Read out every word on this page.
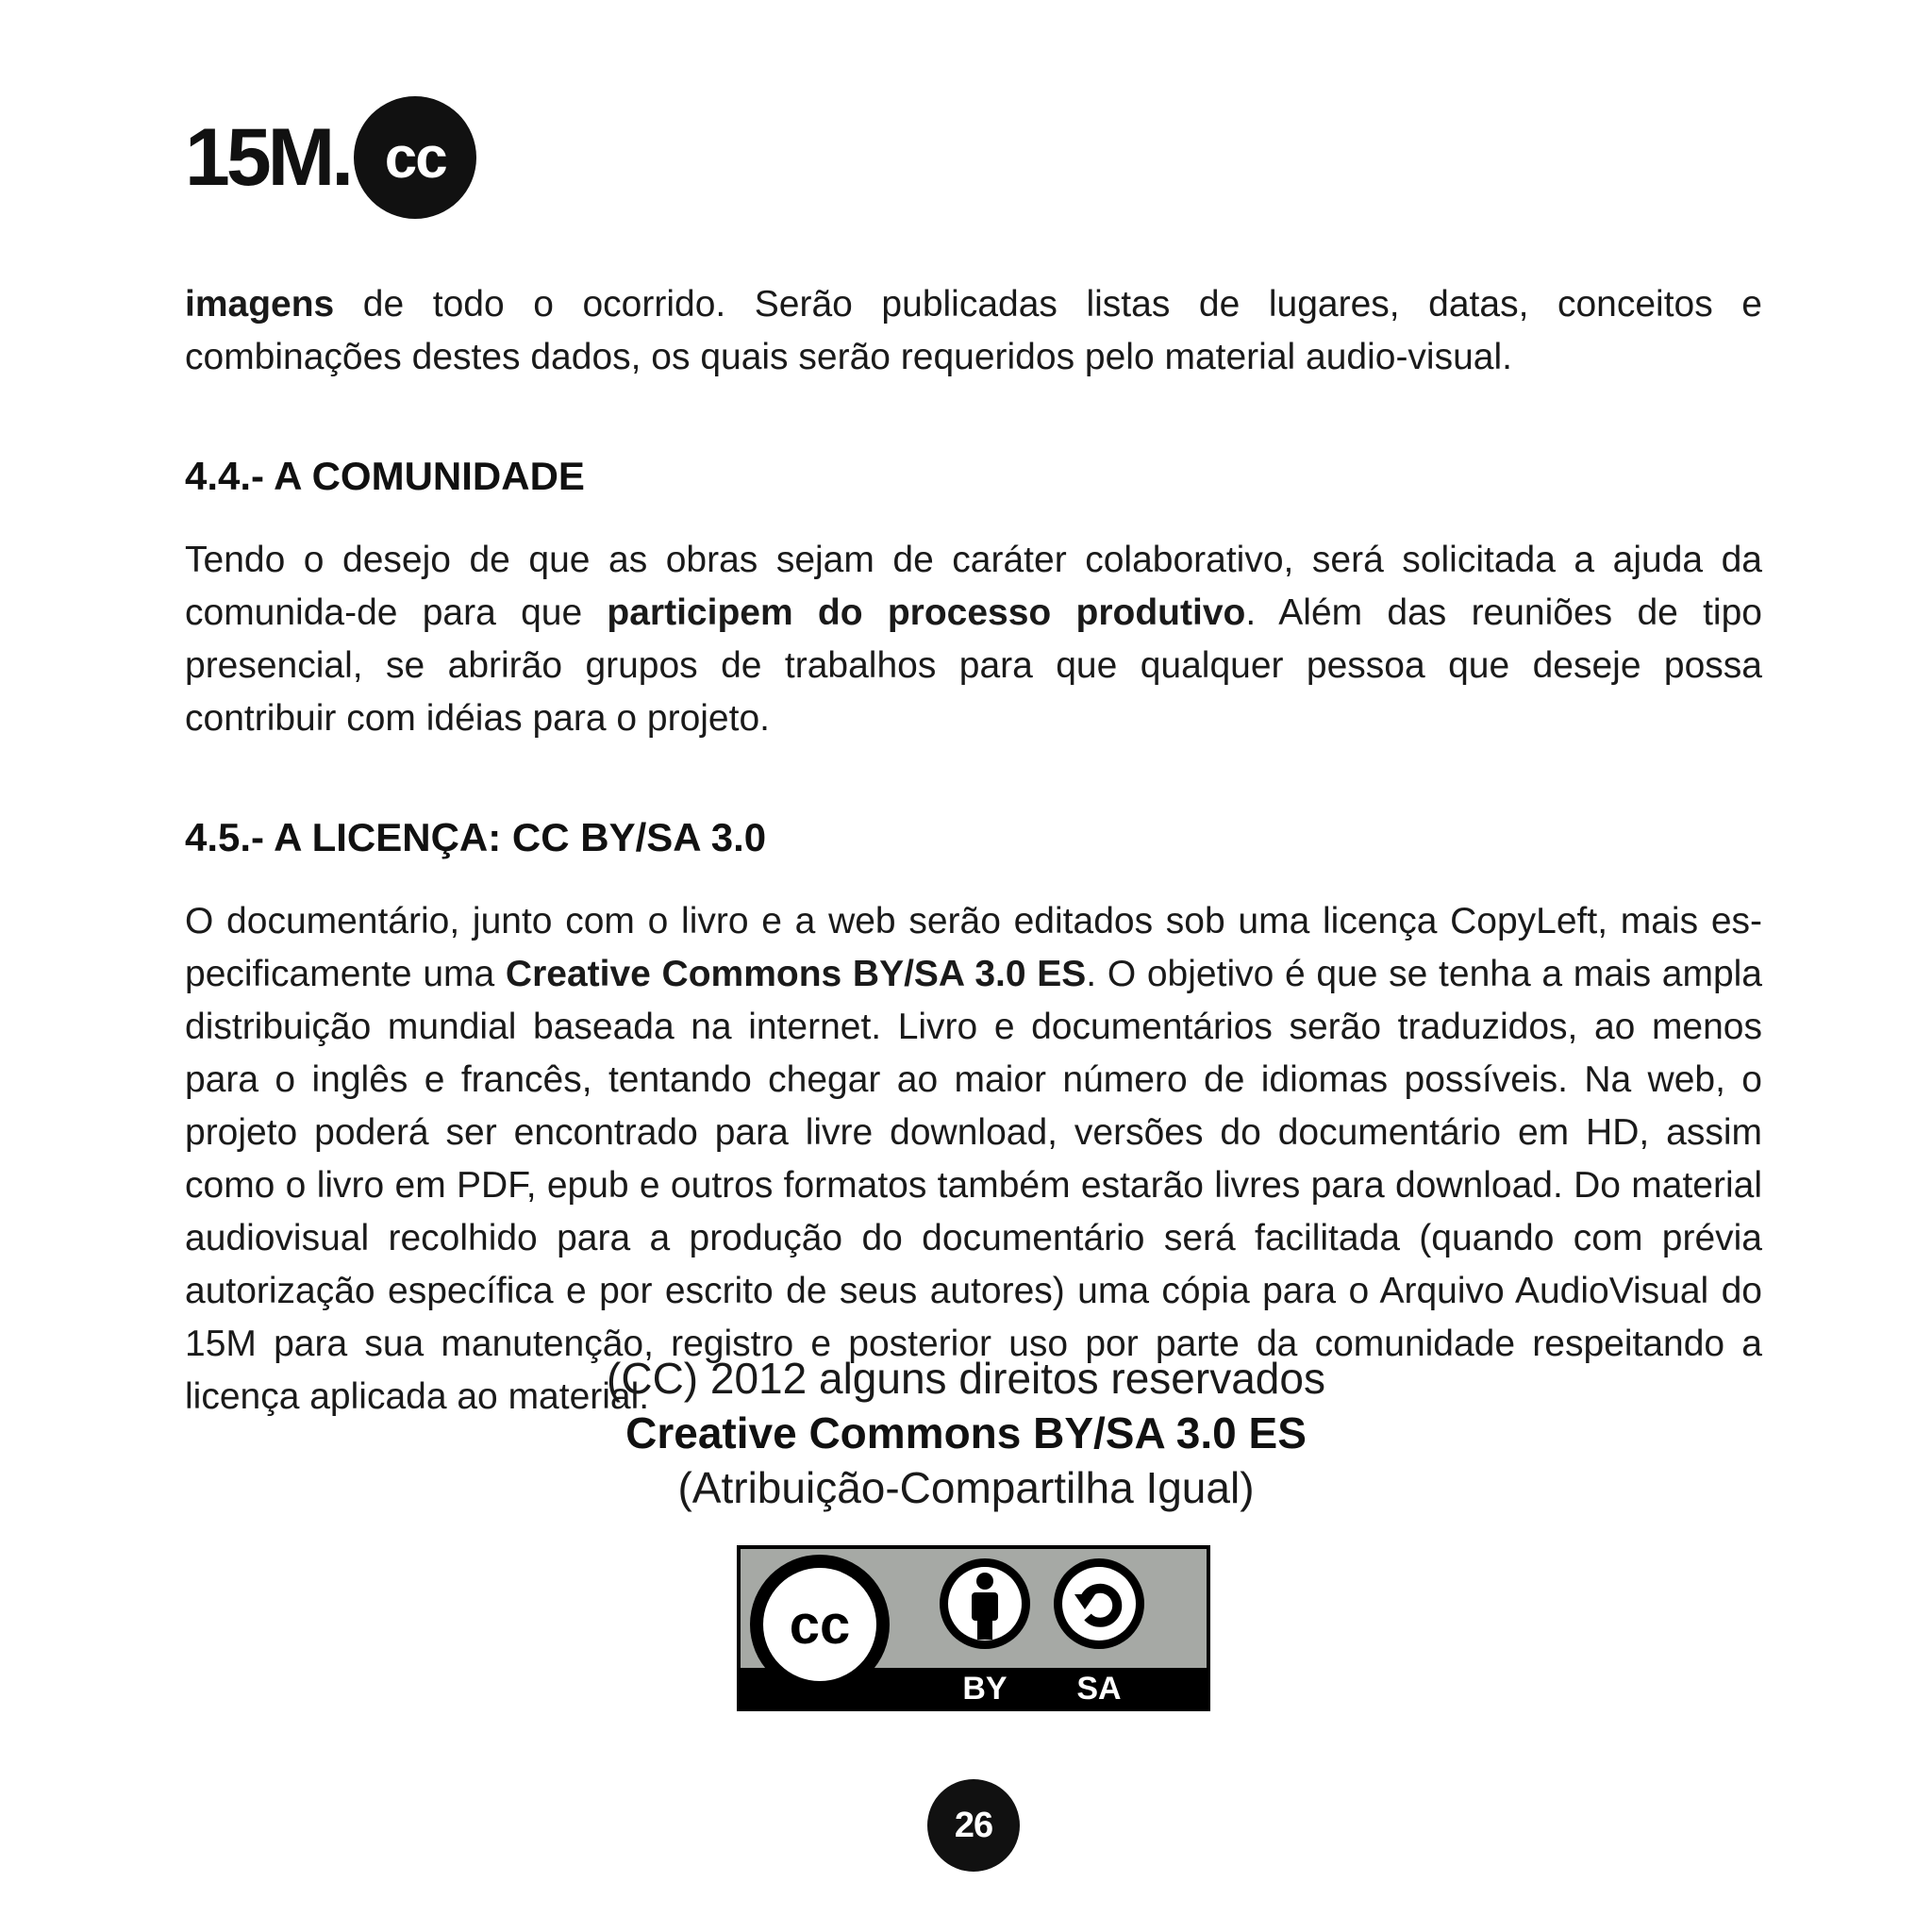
15M. cc

imagens de todo o ocorrido. Serão publicadas listas de lugares, datas, conceitos e combinações destes dados, os quais serão requeridos pelo material audio-visual.

4.4.- A COMUNIDADE

Tendo o desejo de que as obras sejam de caráter colaborativo, será solicitada a ajuda da comunida-de para que participem do processo produtivo. Além das reuniões de tipo presencial, se abrirão grupos de trabalhos para que qualquer pessoa que deseje possa contribuir com idéias para o projeto.

4.5.- A LICENÇA: CC BY/SA 3.0

O documentário, junto com o livro e a web serão editados sob uma licença CopyLeft, mais es-pecificamente uma Creative Commons BY/SA 3.0 ES. O objetivo é que se tenha a mais ampla distribuição mundial baseada na internet. Livro e documentários serão traduzidos, ao menos para o inglês e francês, tentando chegar ao maior número de idiomas possíveis. Na web, o projeto poderá ser encontrado para livre download, versões do documentário em HD, assim como o livro em PDF, epub e outros formatos também estarão livres para download. Do material audiovisual recolhido para a produção do documentário será facilitada (quando com prévia autorização específica e por escrito de seus autores) uma cópia para o Arquivo AudioVisual do 15M para sua manutenção, registro e posterior uso por parte da comunidade respeitando a licença aplicada ao material.

(CC) 2012 alguns direitos reservados
Creative Commons BY/SA 3.0 ES
(Atribuição-Compartilha Igual)
cc
BY SA
26
